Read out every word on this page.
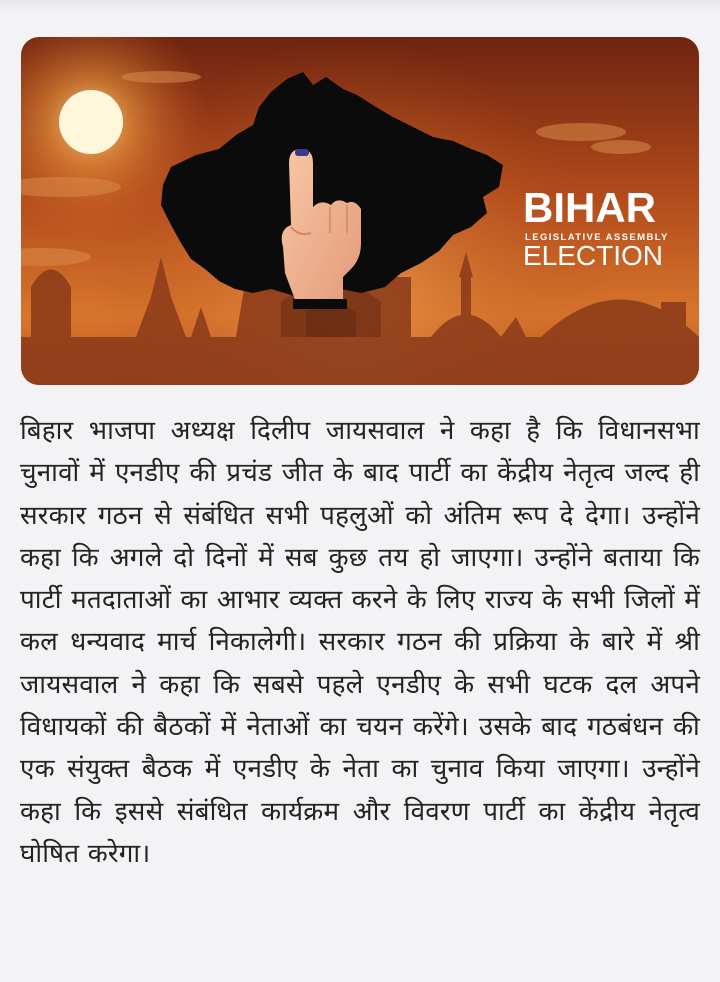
BIHAR
LEGISLATIVE ASSEMBLY
ELECTION

बिहार भाजपा अध्यक्ष दिलीप जायसवाल ने कहा है कि विधानसभा चुनावों में एनडीए की प्रचंड जीत के बाद पार्टी का केंद्रीय नेतृत्व जल्द ही सरकार गठन से संबंधित सभी पहलुओं को अंतिम रूप दे देगा। उन्होंने कहा कि अगले दो दिनों में सब कुछ तय हो जाएगा। उन्होंने बताया कि पार्टी मतदाताओं का आभार व्यक्त करने के लिए राज्य के सभी जिलों में कल धन्यवाद मार्च निकालेगी। सरकार गठन की प्रक्रिया के बारे में श्री जायसवाल ने कहा कि सबसे पहले एनडीए के सभी घटक दल अपने विधायकों की बैठकों में नेताओं का चयन करेंगे। उसके बाद गठबंधन की एक संयुक्त बैठक में एनडीए के नेता का चुनाव किया जाएगा। उन्होंने कहा कि इससे संबंधित कार्यक्रम और विवरण पार्टी का केंद्रीय नेतृत्व घोषित करेगा।
